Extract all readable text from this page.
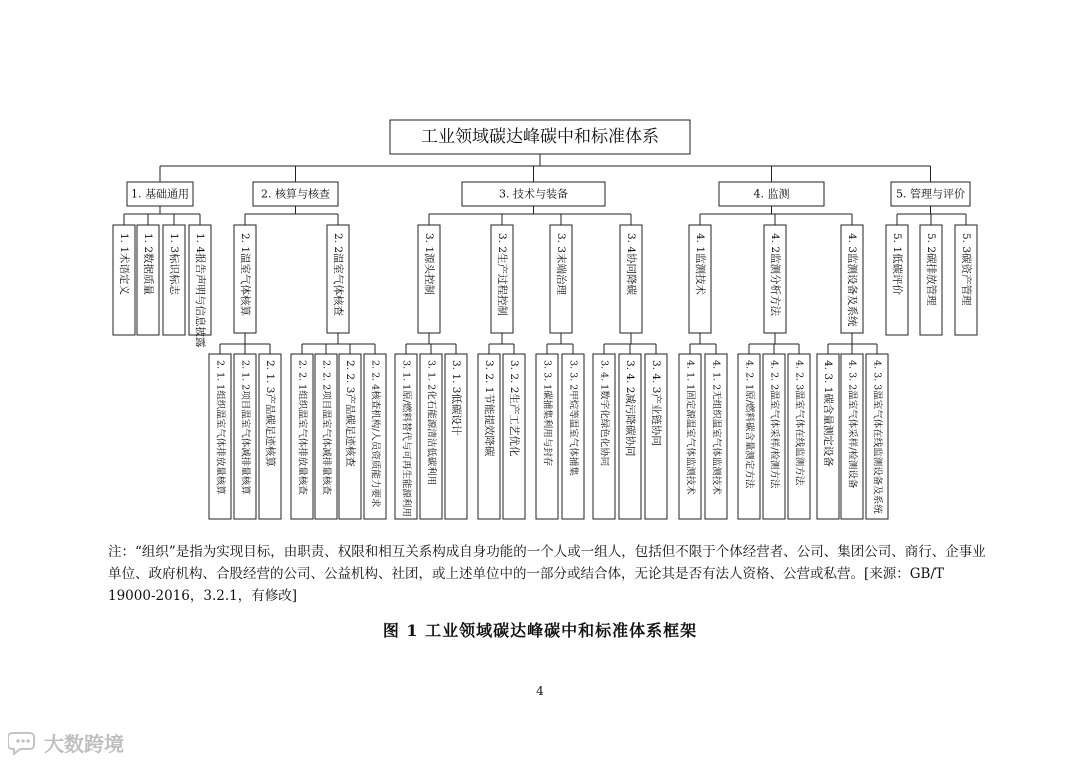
工业领域碳达峰碳中和标准体系
1. 基础通用
1. 1术语定义 1. 2数据质量 1. 3标识标志 1. 4报告声明与信息披露
2. 核算与核查
2. 1温室气体核算
2. 1. 1组织温室气体排放量核算 2. 1. 2项目温室气体减排量核算 2. 1. 3产品碳足迹核算
2. 2温室气体核查
2. 2. 1组织温室气体排放量核查 2. 2. 2项目温室气体减排量核查 2. 2. 3产品碳足迹核查 2. 2. 4核查机构/人员资质能力要求
3. 技术与装备
3. 1源头控制
3. 1. 1原/燃料替代与可再生能源利用 3. 1. 2化石能源清洁低碳利用 3. 1. 3低碳设计
3. 2生产过程控制
3. 2. 1节能提效降碳 3. 2. 2生产工艺优化
3. 3末端治理
3. 3. 1碳捕集利用与封存 3. 3. 2甲烷等温室气体捕集
3. 4协同降碳
3. 4. 1数字化绿色化协同 3. 4. 2减污降碳协同 3. 4. 3产业链协同
4. 监测
4. 1监测技术
4. 1. 1固定源温室气体监测技术 4. 1. 2无组织温室气体监测技术
4. 2监测分析方法
4. 2. 1原/燃料碳含量测定方法 4. 2. 2温室气体采样/检测方法 4. 2. 3温室气体在线监测方法
4. 3监测设备及系统
4. 3. 1碳含量测定设备 4. 3. 2温室气体采样/检测设备 4. 3. 3温室气体在线监测设备及系统
5. 管理与评价
5. 1低碳评价 5. 2碳排放管理 5. 3碳资产管理

注：“组织”是指为实现目标，由职责、权限和相互关系构成自身功能的一个人或一组人，包括但不限于个体经营者、公司、集团公司、商行、企事业单位、政府机构、合股经营的公司、公益机构、社团，或上述单位中的一部分或结合体，无论其是否有法人资格、公营或私营。[来源：GB/T 19000-2016，3.2.1，有修改]

图 1 工业领域碳达峰碳中和标准体系框架
4
大数跨境
